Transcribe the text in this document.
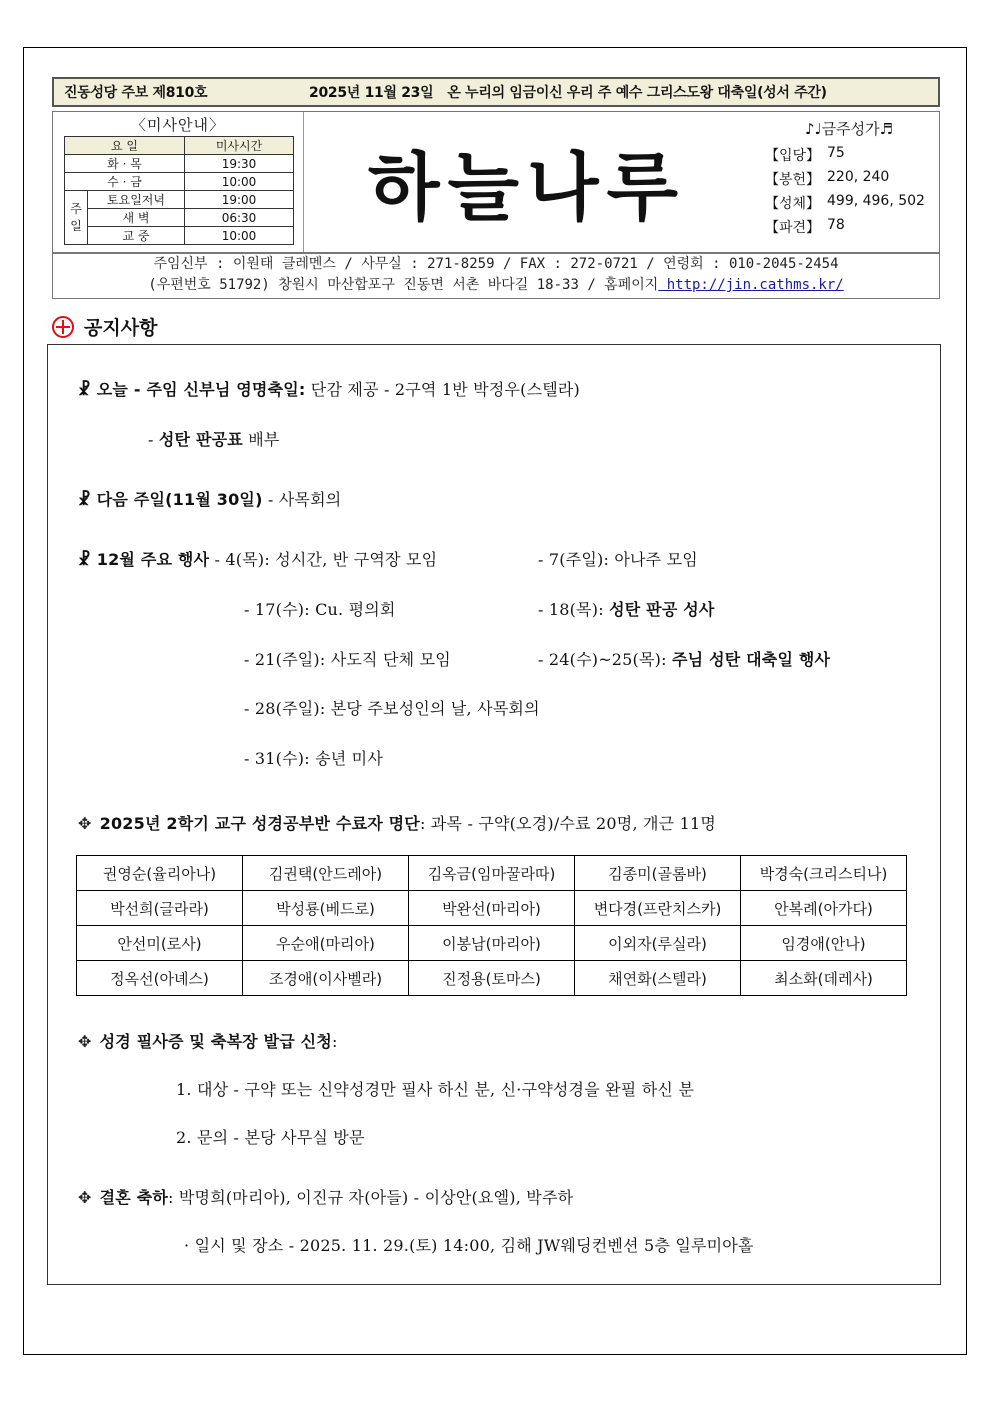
진동성당 주보 제810호	2025년 11월 23일 온 누리의 임금이신 우리 주 예수 그리스도왕 대축일(성서 주간)
〈미사안내〉
요 일		미사시간
화 · 목		19:30
수 · 금		10:00
주일	토요일저녁	19:00
	새 벽	06:30
	교 중	10:00
하늘나루
♪♩금주성가♬
【입당】 75
【봉헌】 220, 240
【성체】 499, 496, 502
【파견】 78
주임신부 : 이원태 클레멘스 / 사무실 : 271-8259 / FAX : 272-0721 / 연령회 : 010-2045-2454
(우편번호 51792) 창원시 마산합포구 진동면 서촌 바다길 18-33 / 홈페이지 http://jin.cathms.kr/
공지사항
☧ 오늘 - 주임 신부님 영명축일: 단감 제공 - 2구역 1반 박정우(스텔라)
- 성탄 판공표 배부
☧ 다음 주일(11월 30일) - 사목회의
☧ 12월 주요 행사 - 4(목): 성시간, 반 구역장 모임	- 7(주일): 아나주 모임
- 17(수): Cu. 평의회	- 18(목): 성탄 판공 성사
- 21(주일): 사도직 단체 모임	- 24(수)~25(목): 주님 성탄 대축일 행사
- 28(주일): 본당 주보성인의 날, 사목회의
- 31(수): 송년 미사
✥ 2025년 2학기 교구 성경공부반 수료자 명단: 과목 - 구약(오경)/수료 20명, 개근 11명
권영순(율리아나)	김권택(안드레아)	김옥금(임마꿀라따)	김종미(골롬바)	박경숙(크리스티나)
박선희(글라라)	박성룡(베드로)	박완선(마리아)	변다경(프란치스카)	안복례(아가다)
안선미(로사)	우순애(마리아)	이봉남(마리아)	이외자(루실라)	임경애(안나)
정옥선(아녜스)	조경애(이사벨라)	진정용(토마스)	채연화(스텔라)	최소화(데레사)
✥ 성경 필사증 및 축복장 발급 신청:
1. 대상 - 구약 또는 신약성경만 필사 하신 분, 신·구약성경을 완필 하신 분
2. 문의 - 본당 사무실 방문
✥ 결혼 축하: 박명희(마리아), 이진규 자(아들) - 이상안(요엘), 박주하
· 일시 및 장소 - 2025. 11. 29.(토) 14:00, 김해 JW웨딩컨벤션 5층 일루미아홀
